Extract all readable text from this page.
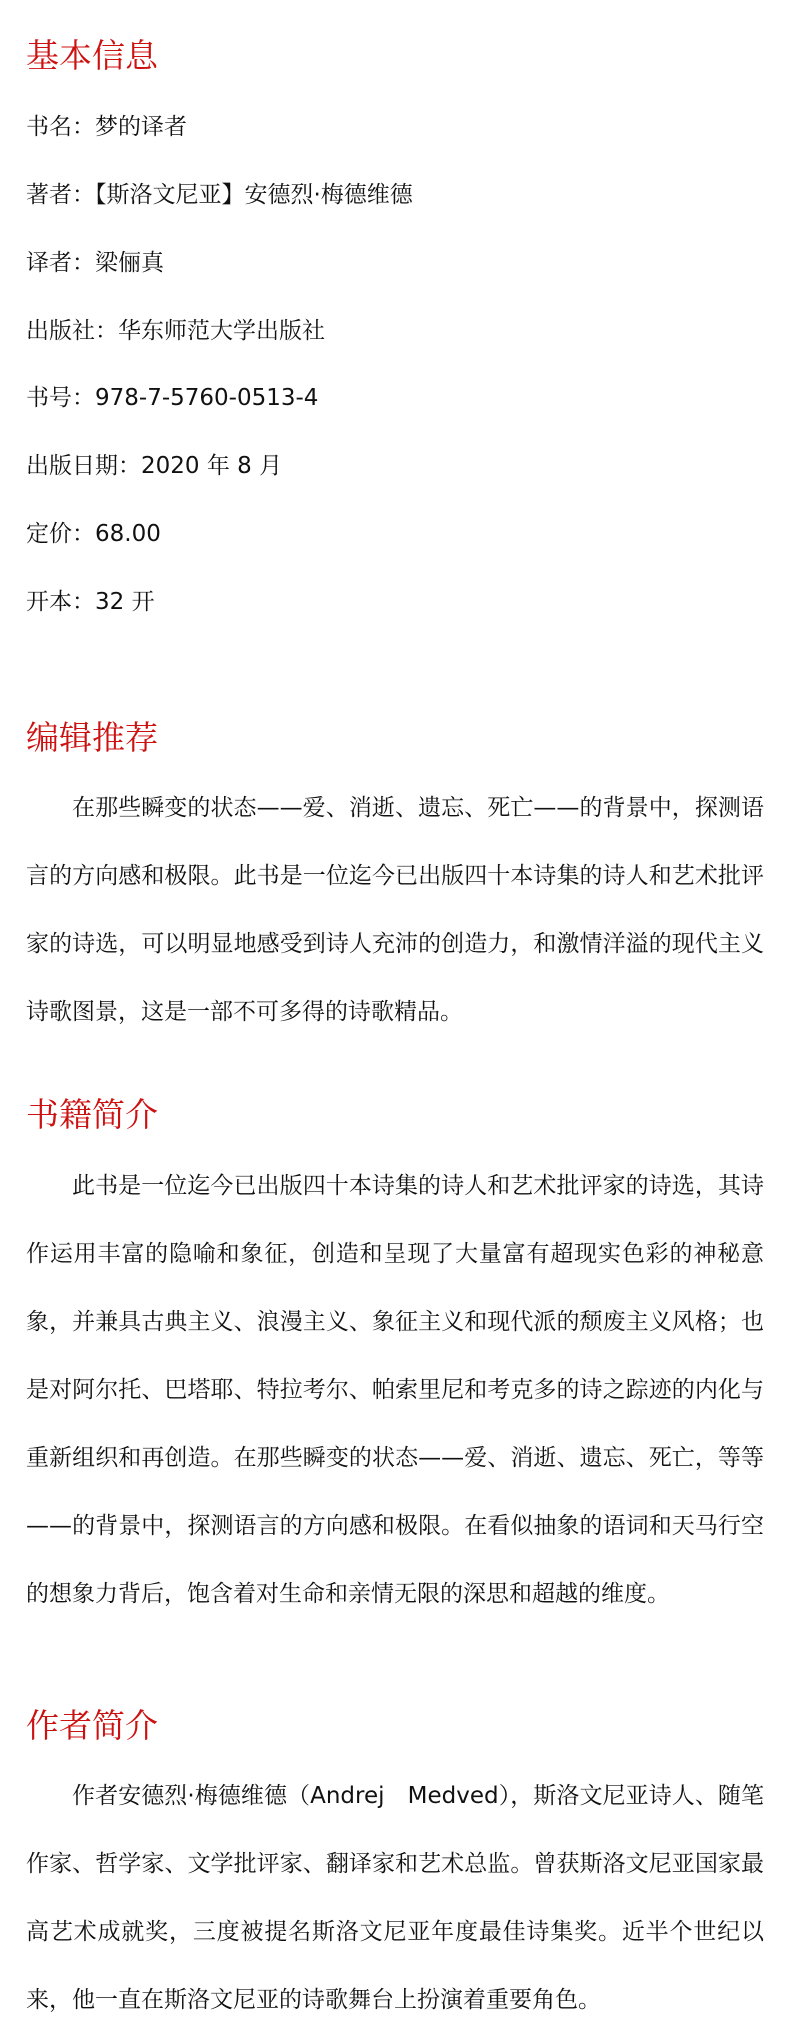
基本信息

书名：梦的译者

著者：【斯洛文尼亚】安德烈·梅德维德

译者：梁俪真

出版社：华东师范大学出版社

书号：978-7-5760-0513-4

出版日期：2020 年 8 月

定价：68.00

开本：32 开

编辑推荐

在那些瞬变的状态——爱、消逝、遗忘、死亡——的背景中，探测语言的方向感和极限。此书是一位迄今已出版四十本诗集的诗人和艺术批评家的诗选，可以明显地感受到诗人充沛的创造力，和激情洋溢的现代主义诗歌图景，这是一部不可多得的诗歌精品。

书籍简介

此书是一位迄今已出版四十本诗集的诗人和艺术批评家的诗选，其诗作运用丰富的隐喻和象征，创造和呈现了大量富有超现实色彩的神秘意象，并兼具古典主义、浪漫主义、象征主义和现代派的颓废主义风格；也是对阿尔托、巴塔耶、特拉考尔、帕索里尼和考克多的诗之踪迹的内化与重新组织和再创造。在那些瞬变的状态——爱、消逝、遗忘、死亡，等等——的背景中，探测语言的方向感和极限。在看似抽象的语词和天马行空的想象力背后，饱含着对生命和亲情无限的深思和超越的维度。

作者简介

作者安德烈·梅德维德（Andrej　Medved），斯洛文尼亚诗人、随笔作家、哲学家、文学批评家、翻译家和艺术总监。曾获斯洛文尼亚国家最高艺术成就奖，三度被提名斯洛文尼亚年度最佳诗集奖。近半个世纪以来，他一直在斯洛文尼亚的诗歌舞台上扮演着重要角色。
